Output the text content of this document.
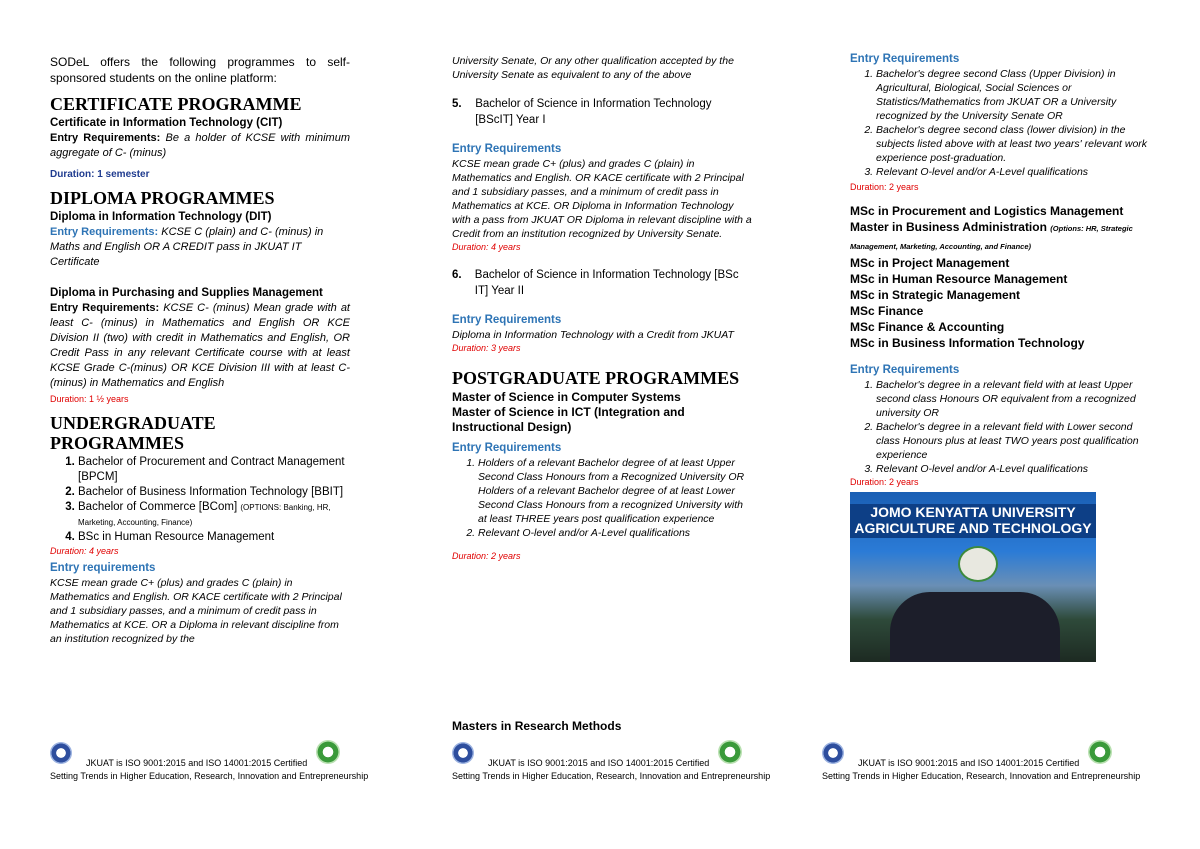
SODeL offers the following programmes to self-sponsored students on the online platform:

CERTIFICATE PROGRAMME

Certificate in Information Technology (CIT)

Entry Requirements: Be a holder of KCSE with minimum aggregate of C- (minus)

Duration: 1 semester

DIPLOMA PROGRAMMES

Diploma in Information Technology (DIT)

Entry Requirements: KCSE C (plain) and C- (minus) in Maths and English OR A CREDIT pass in JKUAT IT Certificate

Diploma in Purchasing and Supplies Management

Entry Requirements: KCSE C- (minus) Mean grade with at least C- (minus) in Mathematics and English OR KCE Division II (two) with credit in Mathematics and English, OR Credit Pass in any relevant Certificate course with at least KCSE Grade C-(minus) OR KCE Division III with at least C-(minus) in Mathematics and English

Duration: 1 ½ years

UNDERGRADUATE PROGRAMMES
1. Bachelor of Procurement and Contract Management [BPCM]
2. Bachelor of Business Information Technology [BBIT]
3. Bachelor of Commerce [BCom] (OPTIONS: Banking, HR, Marketing, Accounting, Finance)
4. BSc in Human Resource Management

Duration: 4 years

Entry requirements

KCSE mean grade C+ (plus) and grades C (plain) in Mathematics and English. OR KACE certificate with 2 Principal and 1 subsidiary passes, and a minimum of credit pass in Mathematics at KCE. OR a Diploma in relevant discipline from an institution recognized by the

University Senate, Or any other qualification accepted by the University Senate as equivalent to any of the above

5.	Bachelor of Science in Information Technology [BScIT] Year I

Entry Requirements

KCSE mean grade C+ (plus) and grades C (plain) in Mathematics and English. OR KACE certificate with 2 Principal and 1 subsidiary passes, and a minimum of credit pass in Mathematics at KCE. OR Diploma in Information Technology with a pass from JKUAT OR Diploma in relevant discipline with a Credit from an institution recognized by University Senate.

Duration: 4 years

6.	Bachelor of Science in Information Technology [BSc IT] Year II

Entry Requirements

Diploma in Information Technology with a Credit from JKUAT

Duration: 3 years

POSTGRADUATE PROGRAMMES

Master of Science in Computer Systems

Master of Science in ICT (Integration and Instructional Design)

Entry Requirements

1. Holders of a relevant Bachelor degree of at least Upper Second Class Honours from a Recognized University OR Holders of a relevant Bachelor degree of at least Lower Second Class Honours from a recognized University with at least THREE years post qualification experience
2. Relevant O-level and/or A-Level qualifications

Duration: 2 years

Masters in Research Methods

Entry Requirements

1. Bachelor's degree second Class (Upper Division) in Agricultural, Biological, Social Sciences or Statistics/Mathematics from JKUAT OR a University recognized by the University Senate OR
2. Bachelor's degree second class (lower division) in the subjects listed above with at least two years' relevant work experience post-graduation.
3. Relevant O-level and/or A-Level qualifications

Duration: 2 years

MSc in Procurement and Logistics Management

Master in Business Administration (Options: HR, Strategic Management, Marketing, Accounting, and Finance)

MSc in Project Management

MSc in Human Resource Management

MSc in Strategic Management

MSc Finance

MSc Finance & Accounting

MSc in Business Information Technology

Entry Requirements

1. Bachelor's degree in a relevant field with at least Upper second class Honours OR equivalent from a recognized university OR
2. Bachelor's degree in a relevant field with Lower second class Honours plus at least TWO years post qualification experience
3. Relevant O-level and/or A-Level qualifications

Duration: 2 years

JOMO KENYATTA UNIVERSITY AGRICULTURE AND TECHNOLOGY
JKUAT is ISO 9001:2015 and ISO 14001:2015 Certified
Setting Trends in Higher Education, Research, Innovation and Entrepreneurship
JKUAT is ISO 9001:2015 and ISO 14001:2015 Certified
Setting Trends in Higher Education, Research, Innovation and Entrepreneurship
JKUAT is ISO 9001:2015 and ISO 14001:2015 Certified
Setting Trends in Higher Education, Research, Innovation and Entrepreneurship
